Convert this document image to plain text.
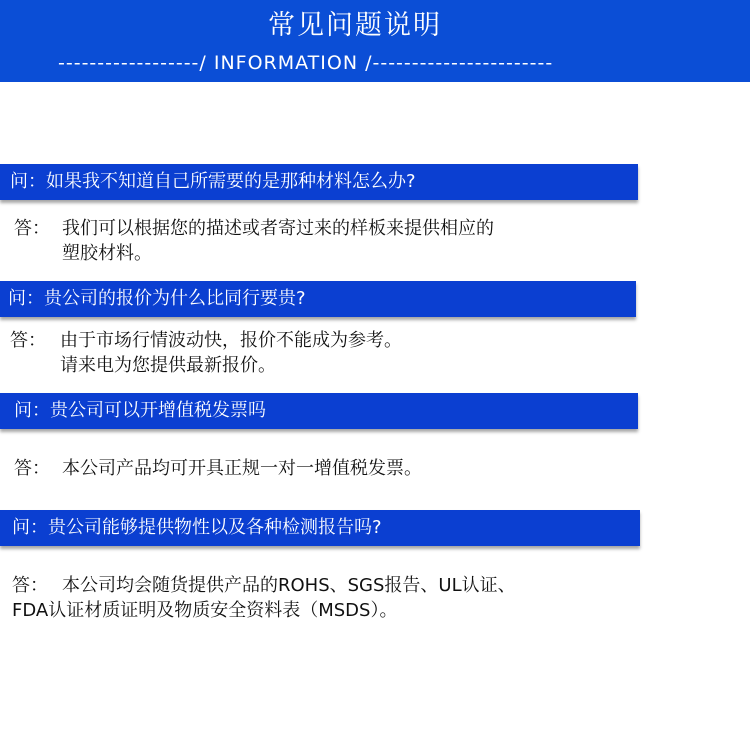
常见问题说明
------------------/ INFORMATION /-----------------------
问：如果我不知道自己所需要的是那种材料怎么办?
答： 我们可以根据您的描述或者寄过来的样板来提供相应的
塑胶材料。
问：贵公司的报价为什么比同行要贵?
答： 由于市场行情波动快，报价不能成为参考。
请来电为您提供最新报价。
问：贵公司可以开增值税发票吗
答： 本公司产品均可开具正规一对一增值税发票。
问：贵公司能够提供物性以及各种检测报告吗?
答： 本公司均会随货提供产品的ROHS、SGS报告、UL认证、
FDA认证材质证明及物质安全资料表（MSDS）。
